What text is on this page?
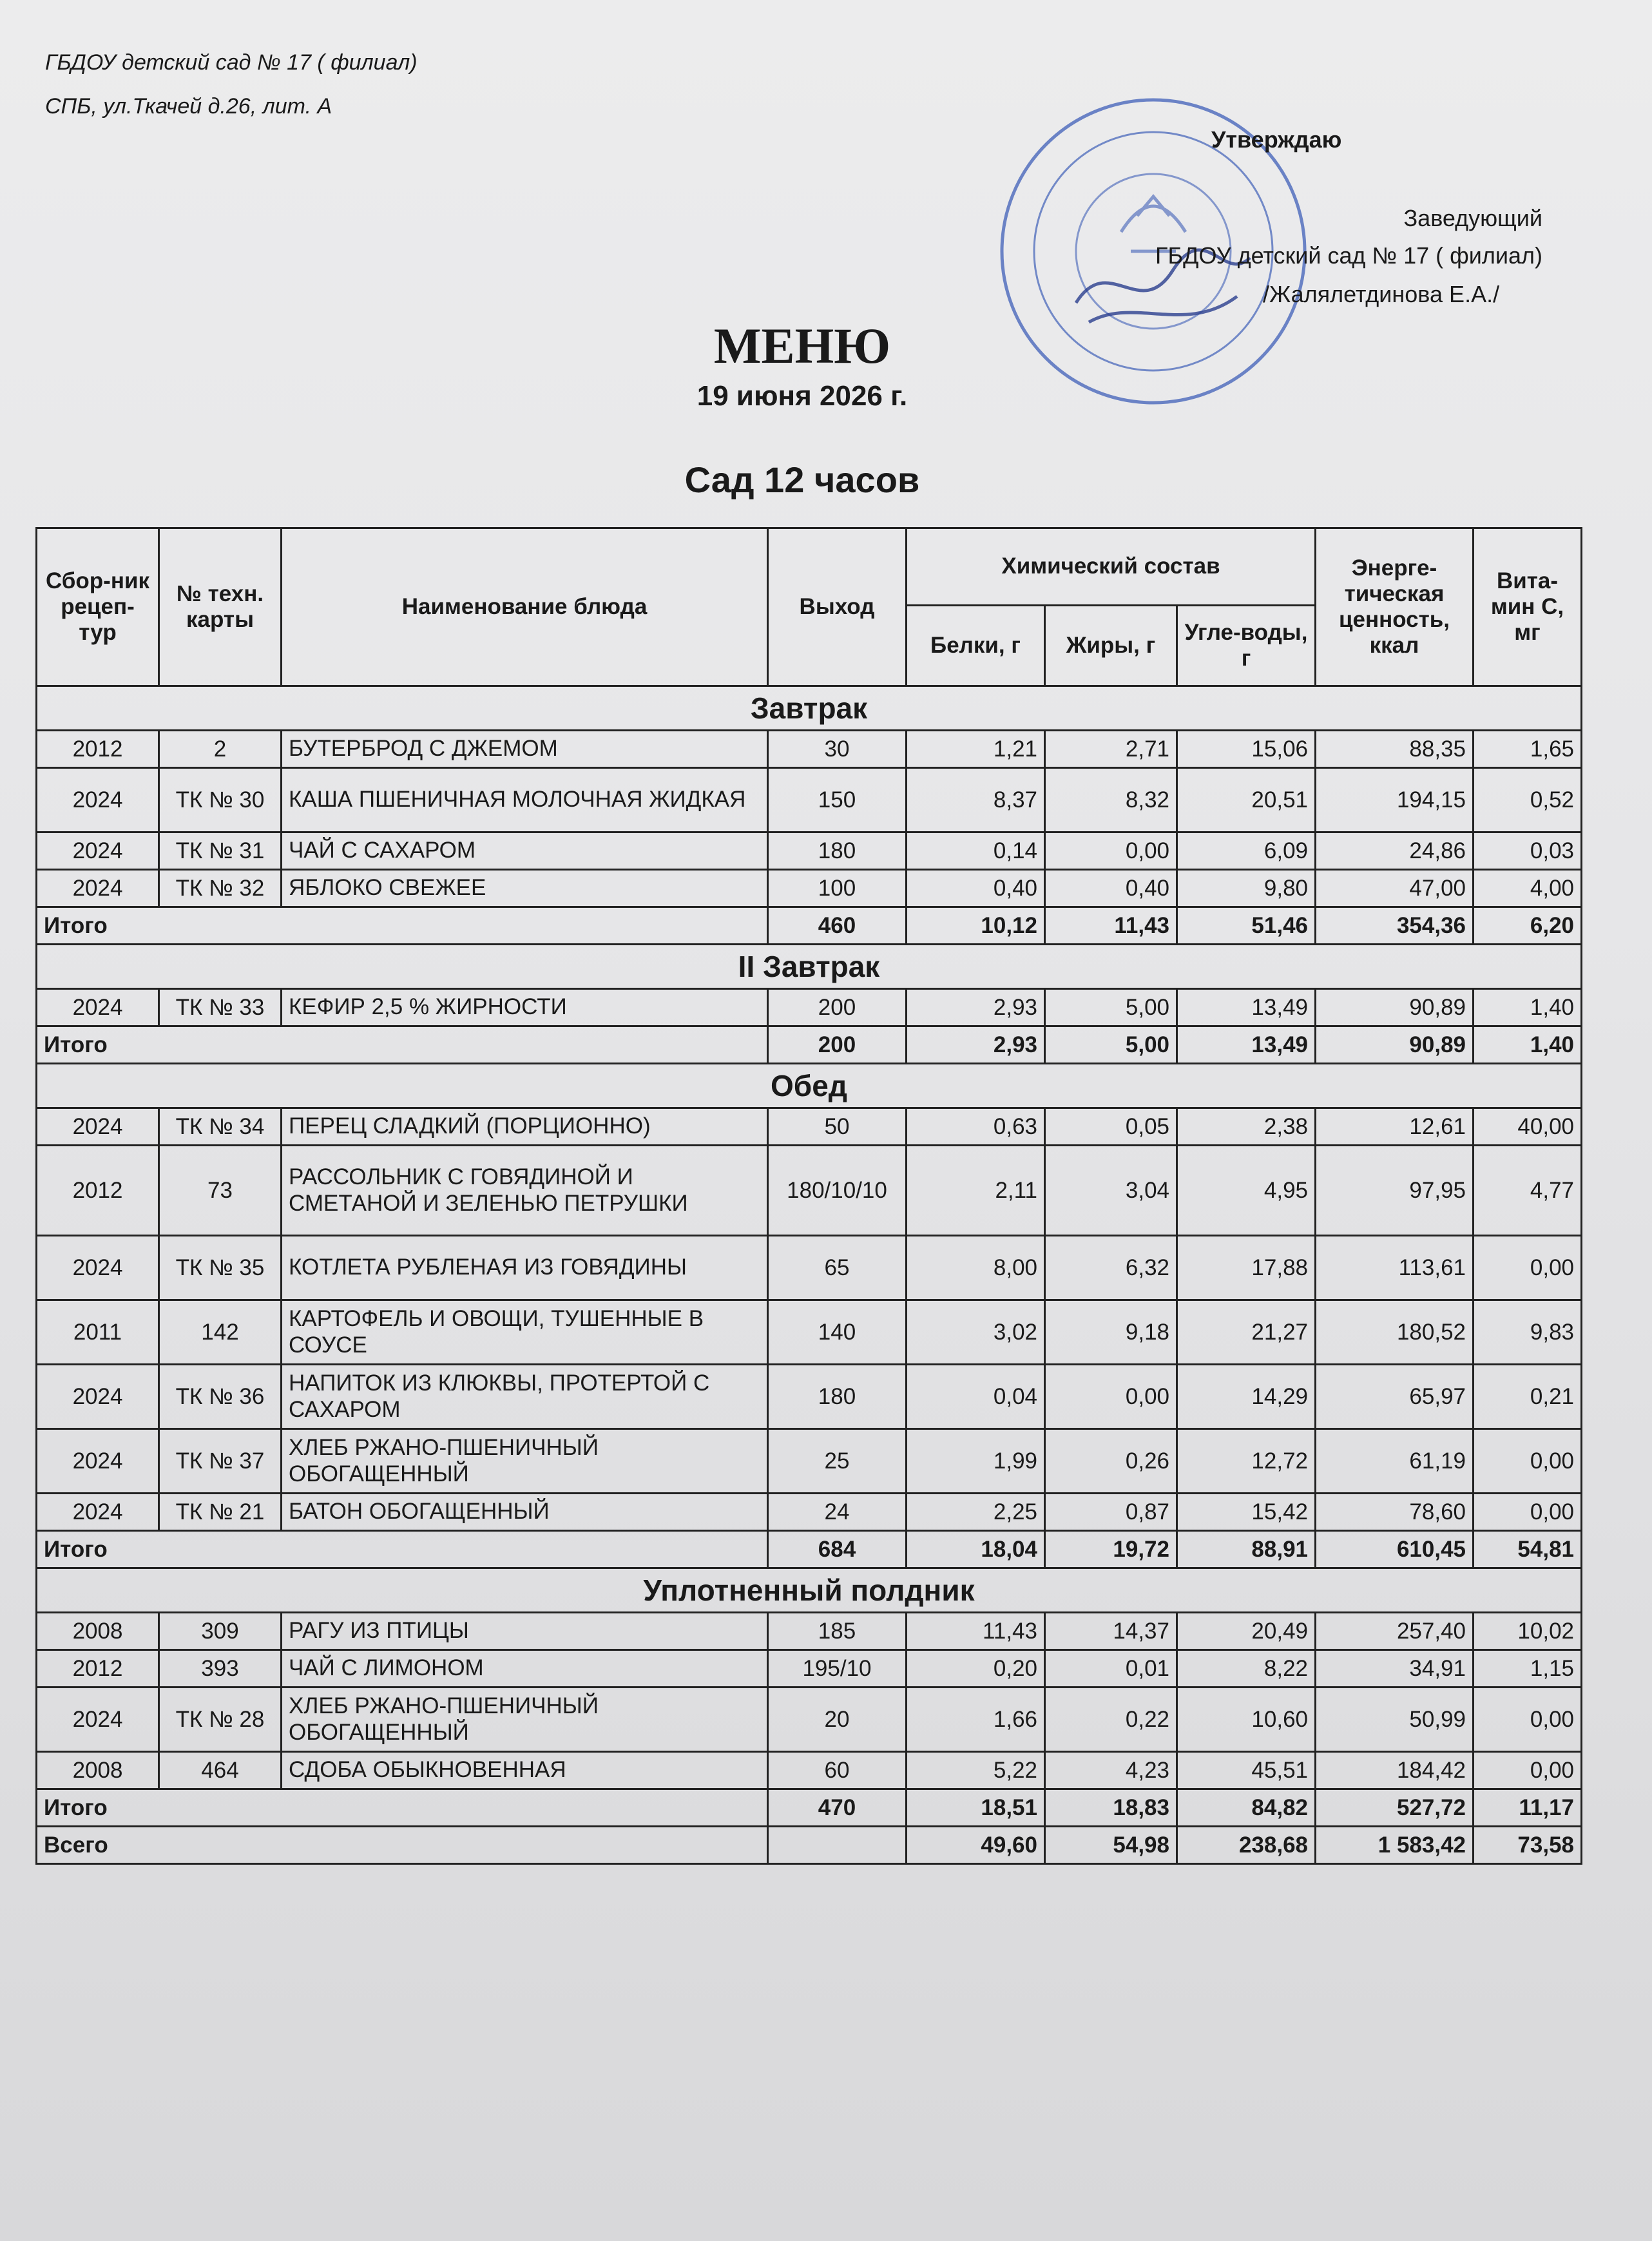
ГБДОУ детский сад № 17 ( филиал)
СПБ, ул.Ткачей д.26, лит. А
Утверждаю
Заведующий
ГБДОУ детский сад № 17 ( филиал)
/Жалялетдинова Е.А./
МЕНЮ
19 июня 2026 г.
Сад 12 часов
Сбор-ник рецеп-тур	№ техн. карты	Наименование блюда	Выход	Химический состав			Энерге-тическая ценность, ккал	Вита-мин С, мг
				Белки, г	Жиры, г	Угле-воды, г		
Завтрак								
2012	2	БУТЕРБРОД С ДЖЕМОМ	30	1,21	2,71	15,06	88,35	1,65
2024	ТК № 30	КАША ПШЕНИЧНАЯ МОЛОЧНАЯ ЖИДКАЯ	150	8,37	8,32	20,51	194,15	0,52
2024	ТК № 31	ЧАЙ С САХАРОМ	180	0,14	0,00	6,09	24,86	0,03
2024	ТК № 32	ЯБЛОКО СВЕЖЕЕ	100	0,40	0,40	9,80	47,00	4,00
Итого			460	10,12	11,43	51,46	354,36	6,20
II Завтрак								
2024	ТК № 33	КЕФИР 2,5 % ЖИРНОСТИ	200	2,93	5,00	13,49	90,89	1,40
Итого			200	2,93	5,00	13,49	90,89	1,40
Обед								
2024	ТК № 34	ПЕРЕЦ СЛАДКИЙ (ПОРЦИОННО)	50	0,63	0,05	2,38	12,61	40,00
2012	73	РАССОЛЬНИК С ГОВЯДИНОЙ И СМЕТАНОЙ И ЗЕЛЕНЬЮ ПЕТРУШКИ	180/10/10	2,11	3,04	4,95	97,95	4,77
2024	ТК № 35	КОТЛЕТА РУБЛЕНАЯ ИЗ ГОВЯДИНЫ	65	8,00	6,32	17,88	113,61	0,00
2011	142	КАРТОФЕЛЬ И ОВОЩИ, ТУШЕННЫЕ В СОУСЕ	140	3,02	9,18	21,27	180,52	9,83
2024	ТК № 36	НАПИТОК ИЗ КЛЮКВЫ, ПРОТЕРТОЙ С САХАРОМ	180	0,04	0,00	14,29	65,97	0,21
2024	ТК № 37	ХЛЕБ РЖАНО-ПШЕНИЧНЫЙ ОБОГАЩЕННЫЙ	25	1,99	0,26	12,72	61,19	0,00
2024	ТК № 21	БАТОН ОБОГАЩЕННЫЙ	24	2,25	0,87	15,42	78,60	0,00
Итого			684	18,04	19,72	88,91	610,45	54,81
Уплотненный полдник								
2008	309	РАГУ ИЗ ПТИЦЫ	185	11,43	14,37	20,49	257,40	10,02
2012	393	ЧАЙ С ЛИМОНОМ	195/10	0,20	0,01	8,22	34,91	1,15
2024	ТК № 28	ХЛЕБ РЖАНО-ПШЕНИЧНЫЙ ОБОГАЩЕННЫЙ	20	1,66	0,22	10,60	50,99	0,00
2008	464	СДОБА ОБЫКНОВЕННАЯ	60	5,22	4,23	45,51	184,42	0,00
Итого			470	18,51	18,83	84,82	527,72	11,17
Всего				49,60	54,98	238,68	1 583,42	73,58
